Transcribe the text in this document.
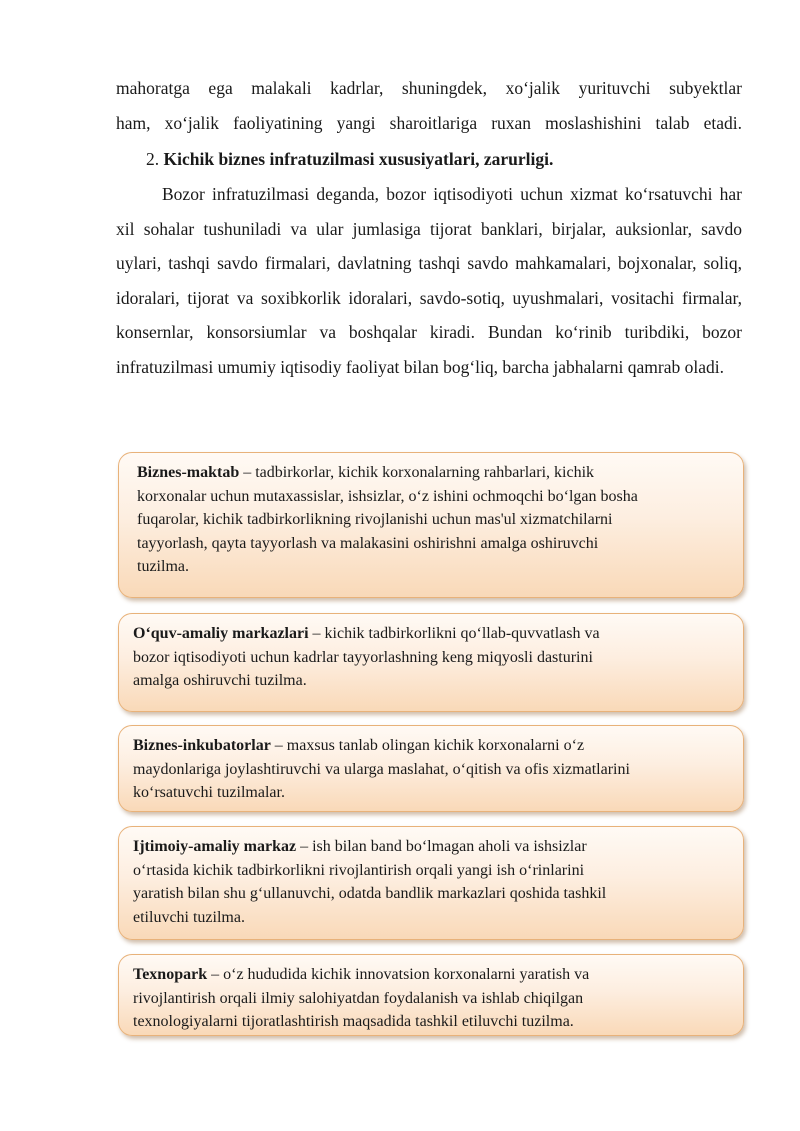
mahoratga ega malakali kadrlar, shuningdek, xo‘jalik yurituvchi subyektlar
ham, xo‘jalik faoliyatining yangi sharoitlariga ruxan moslashishini talab etadi.
2. Kichik biznes infratuzilmasi xususiyatlari, zarurligi.
Bozor infratuzilmasi deganda, bozor iqtisodiyoti uchun xizmat ko‘rsatuvchi har xil sohalar tushuniladi va ular jumlasiga tijorat banklari, birjalar, auksionlar, savdo uylari, tashqi savdo firmalari, davlatning tashqi savdo mahkamalari, bojxonalar, soliq, idoralari, tijorat va soxibkorlik idoralari, savdo-sotiq, uyushmalari, vositachi firmalar, konsernlar, konsorsiumlar va boshqalar kiradi. Bundan ko‘rinib turibdiki, bozor infratuzilmasi umumiy iqtisodiy faoliyat bilan bog‘liq, barcha jabhalarni qamrab oladi.
Biznes-maktab – tadbirkorlar, kichik korxonalarning rahbarlari, kichik
korxonalar uchun mutaxassislar, ishsizlar, o‘z ishini ochmoqchi bo‘lgan bosha
fuqarolar, kichik tadbirkorlikning rivojlanishi uchun mas'ul xizmatchilarni
tayyorlash, qayta tayyorlash va malakasini oshirishni amalga oshiruvchi
tuzilma.
O‘quv-amaliy markazlari – kichik tadbirkorlikni qo‘llab-quvvatlash va
bozor iqtisodiyoti uchun kadrlar tayyorlashning keng miqyosli dasturini
amalga oshiruvchi tuzilma.
Biznes-inkubatorlar – maxsus tanlab olingan kichik korxonalarni o‘z
maydonlariga joylashtiruvchi va ularga maslahat, o‘qitish va ofis xizmatlarini
ko‘rsatuvchi tuzilmalar.
Ijtimoiy-amaliy markaz – ish bilan band bo‘lmagan aholi va ishsizlar
o‘rtasida kichik tadbirkorlikni rivojlantirish orqali yangi ish o‘rinlarini
yaratish bilan shu g‘ullanuvchi, odatda bandlik markazlari qoshida tashkil
etiluvchi tuzilma.
Texnopark – o‘z hududida kichik innovatsion korxonalarni yaratish va
rivojlantirish orqali ilmiy salohiyatdan foydalanish va ishlab chiqilgan
texnologiyalarni tijoratlashtirish maqsadida tashkil etiluvchi tuzilma.
